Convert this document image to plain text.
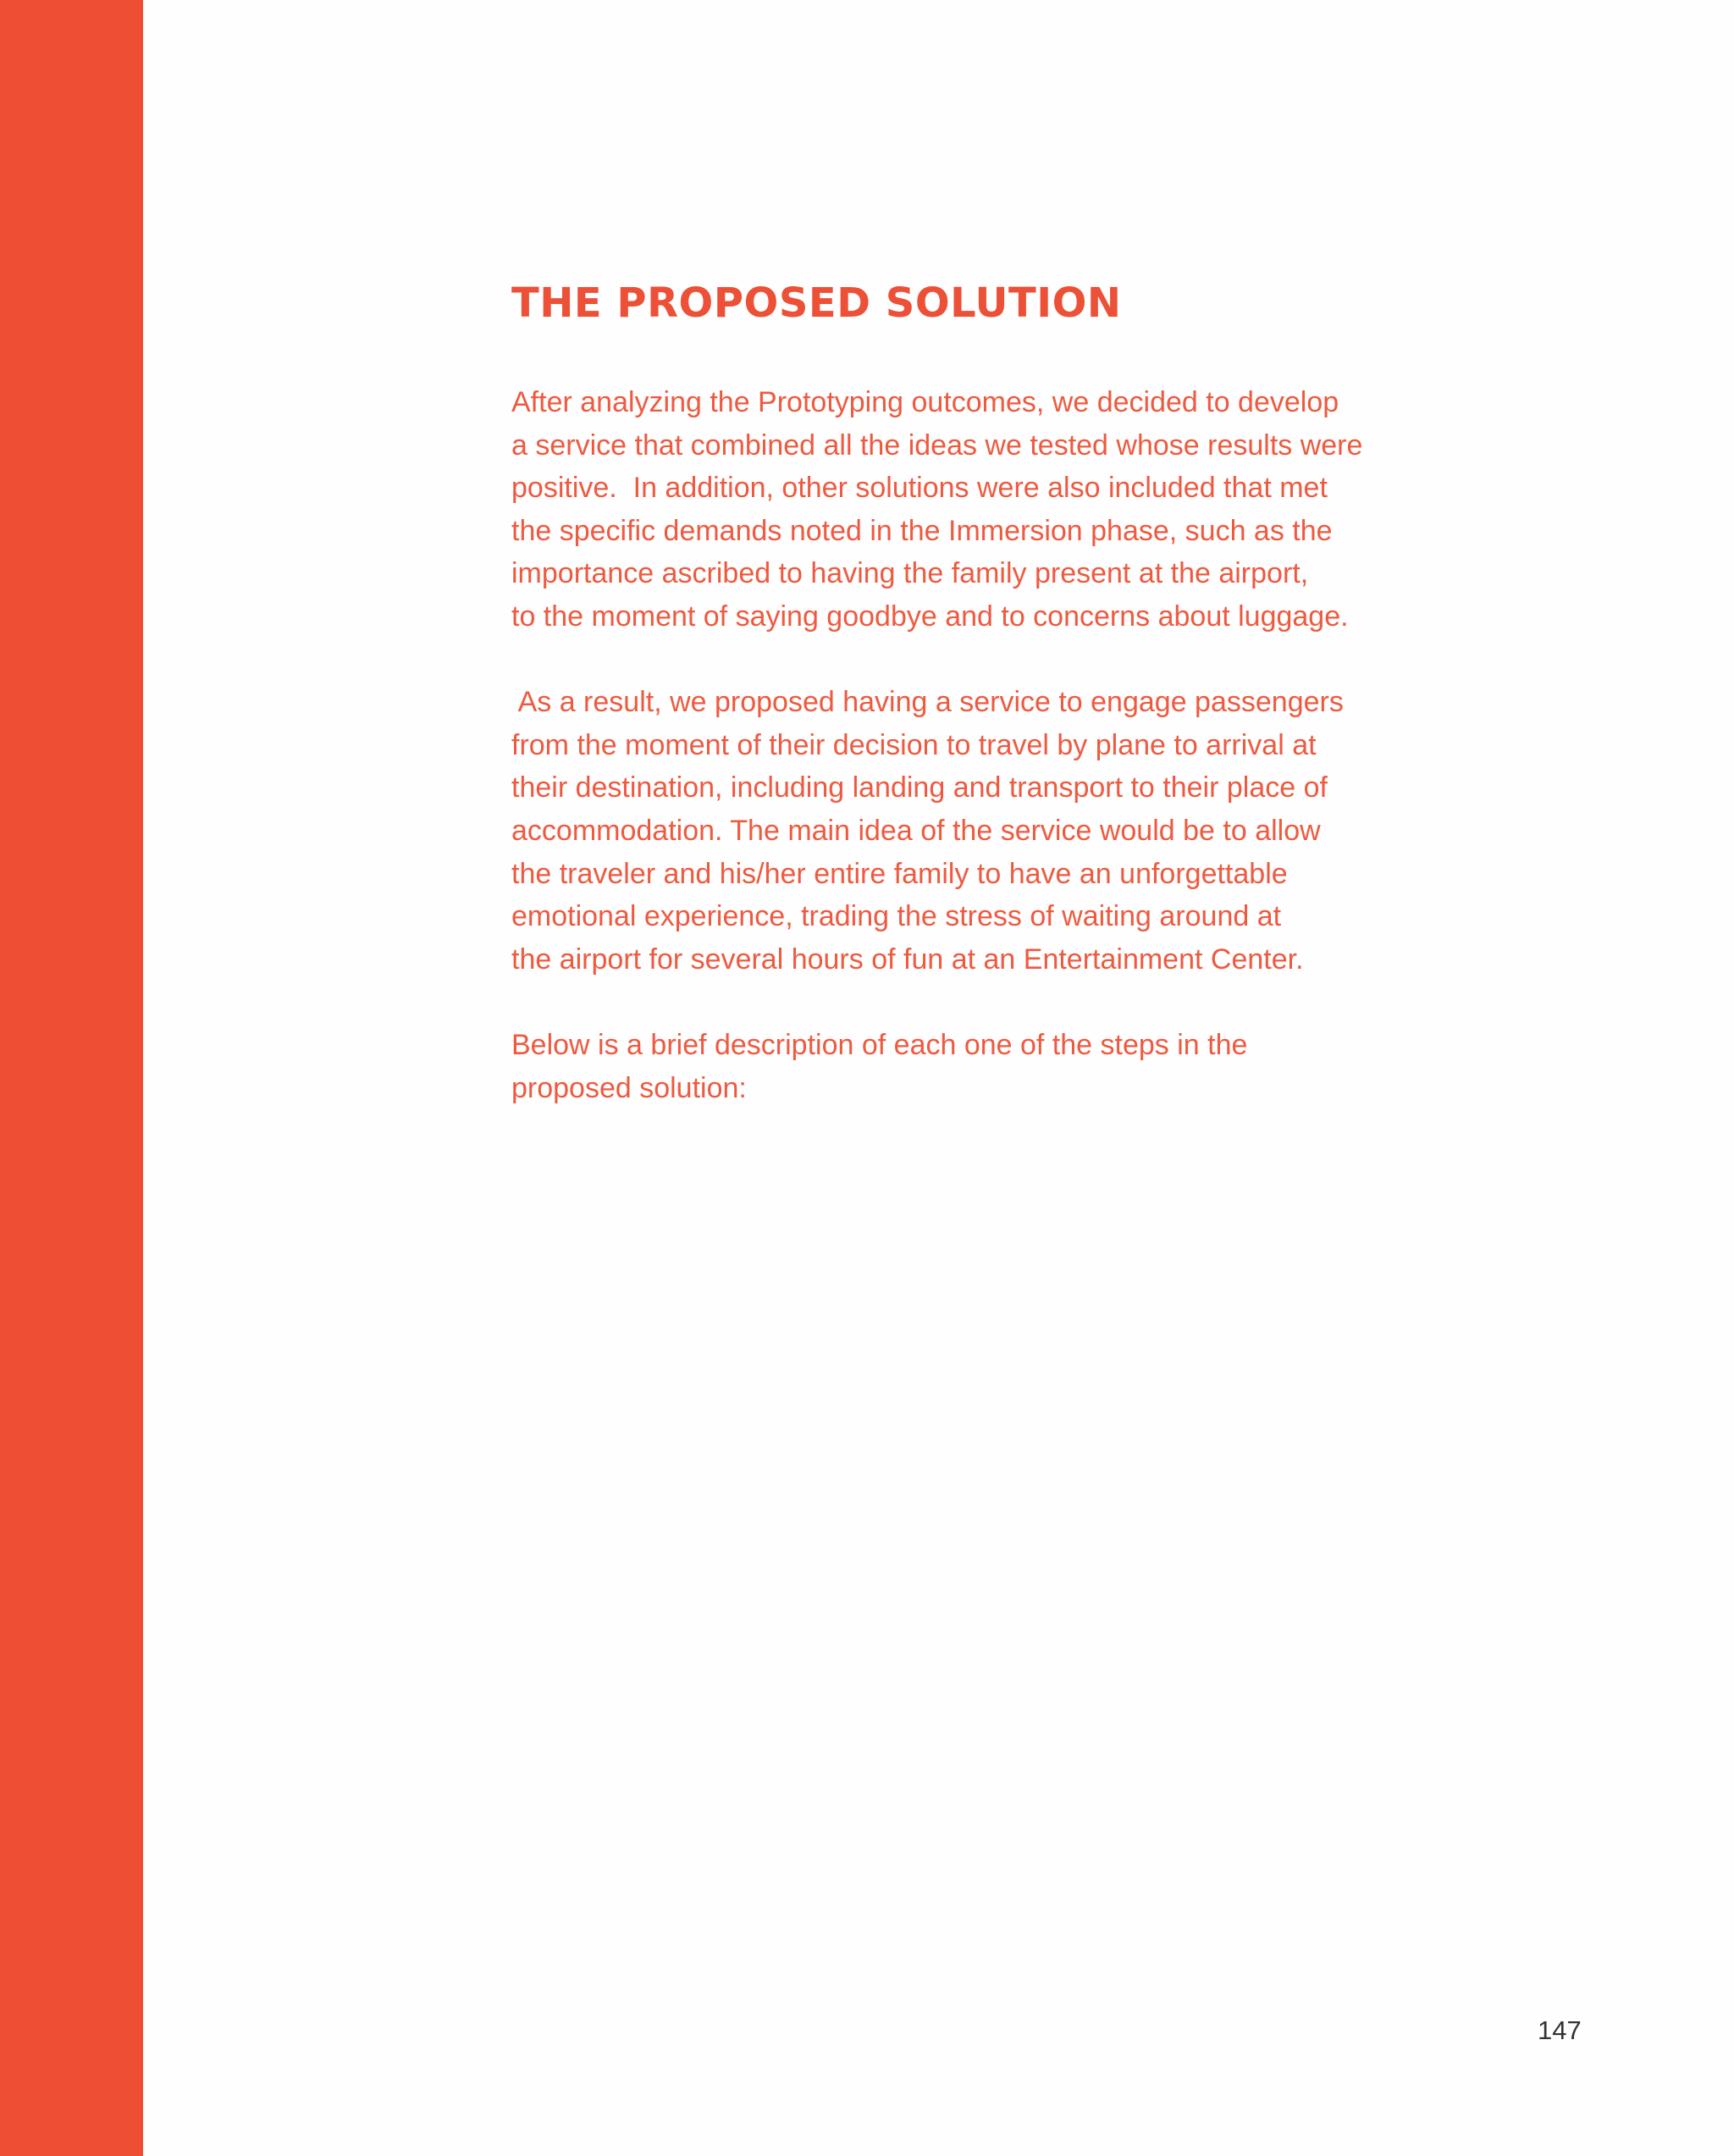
THE PROPOSED SOLUTION
After analyzing the Prototyping outcomes, we decided to develop
a service that combined all the ideas we tested whose results were
positive.  In addition, other solutions were also included that met
the specific demands noted in the Immersion phase, such as the
importance ascribed to having the family present at the airport,
to the moment of saying goodbye and to concerns about luggage.
As a result, we proposed having a service to engage passengers
from the moment of their decision to travel by plane to arrival at
their destination, including landing and transport to their place of
accommodation. The main idea of the service would be to allow
the traveler and his/her entire family to have an unforgettable
emotional experience, trading the stress of waiting around at
the airport for several hours of fun at an Entertainment Center.
Below is a brief description of each one of the steps in the
proposed solution:
147
